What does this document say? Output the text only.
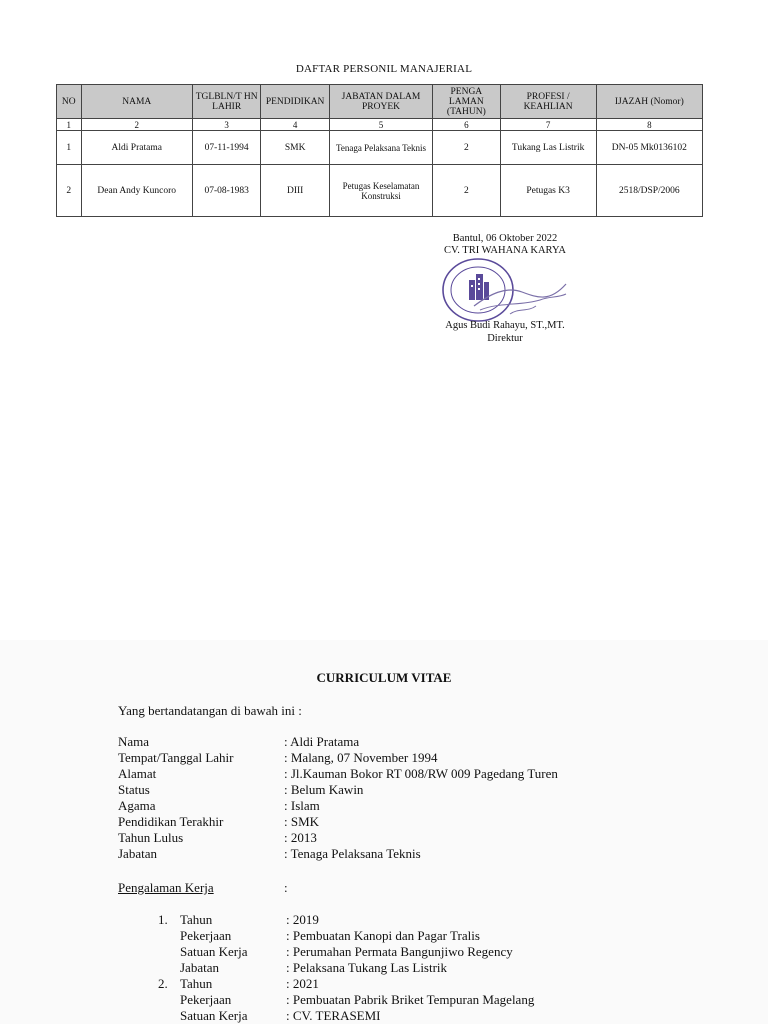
DAFTAR PERSONIL MANAJERIAL
NO	NAMA	TGLBLN/T HN LAHIR	PENDIDIKAN	JABATAN DALAM PROYEK	PENGA LAMAN (TAHUN)	PROFESI / KEAHLIAN	IJAZAH (Nomor)
1	2	3	4	5	6	7	8
1	Aldi Pratama	07-11-1994	SMK	Tenaga Pelaksana Teknis	2	Tukang Las Listrik	DN-05 Mk0136102
2	Dean Andy Kuncoro	07-08-1983	DIII	Petugas Keselamatan Konstruksi	2	Petugas K3	2518/DSP/2006
Bantul, 06 Oktober 2022
CV. TRI WAHANA KARYA
Agus Budi Rahayu, ST.,MT.
Direktur
CURRICULUM VITAE
Yang bertandatangan di bawah ini :
Nama	: Aldi Pratama
Tempat/Tanggal Lahir	: Malang, 07 November 1994
Alamat	: Jl.Kauman Bokor RT 008/RW 009 Pagedang Turen
Status	: Belum Kawin
Agama	: Islam
Pendidikan Terakhir	: SMK
Tahun Lulus	: 2013
Jabatan	: Tenaga Pelaksana Teknis
Pengalaman Kerja	:
1. Tahun	: 2019
Pekerjaan	: Pembuatan Kanopi dan Pagar Tralis
Satuan Kerja	: Perumahan Permata Bangunjiwo Regency
Jabatan	: Pelaksana Tukang Las Listrik
2. Tahun	: 2021
Pekerjaan	: Pembuatan Pabrik Briket Tempuran Magelang
Satuan Kerja	: CV. TERASEMI
